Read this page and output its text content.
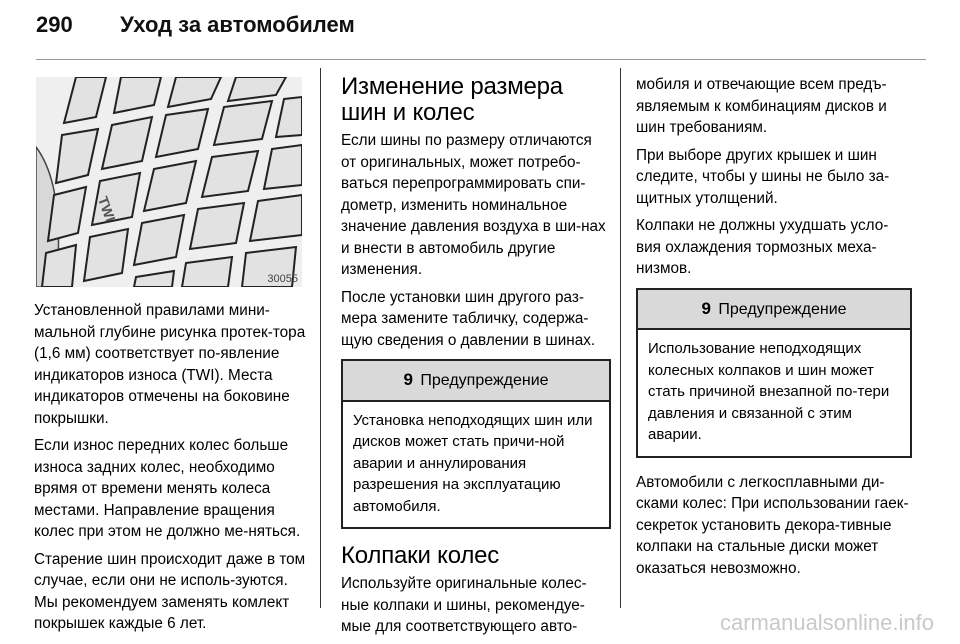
290 Уход за автомобилем
TWI
30055

Установленной правилами мини-мальной глубине рисунка протек-тора (1,6 мм) соответствует по-явление индикаторов износа (TWI). Места индикаторов отмечены на боковине покрышки.

Если износ передних колес больше износа задних колес, необходимо врямя от времени менять колеса местами. Направление вращения колес при этом не должно ме-няться.

Старение шин происходит даже в том случае, если они не исполь-зуются. Мы рекомендуем заменять комлект покрышек каждые 6 лет.

Изменение размера шин и колес

Если шины по размеру отличаются от оригинальных, может потребо-ваться перепрограммировать спи-дометр, изменить номинальное значение давления воздуха в ши-нах и внести в автомобиль другие изменения.

После установки шин другого раз-мера замените табличку, содержа-щую сведения о давлении в шинах.

9 Предупреждение
Установка неподходящих шин или дисков может стать причи-ной аварии и аннулирования разрешения на эксплуатацию автомобиля.
Колпаки колес

Используйте оригинальные колес-ные колпаки и шины, рекомендуе-мые для соответствующего авто-

мобиля и отвечающие всем предъ-являемым к комбинациям дисков и шин требованиям.

При выборе других крышек и шин следите, чтобы у шины не было за-щитных утолщений.

Колпаки не должны ухудшать усло-вия охлаждения тормозных меха-низмов.

9 Предупреждение
Использование неподходящих колесных колпаков и шин может стать причиной внезапной по-тери давления и связанной с этим аварии.

Автомобили с легкосплавными ди-сками колес: При использовании гаек-секреток установить декора-тивные колпаки на стальные диски может оказаться невозможно.

carmanualsonline.info
